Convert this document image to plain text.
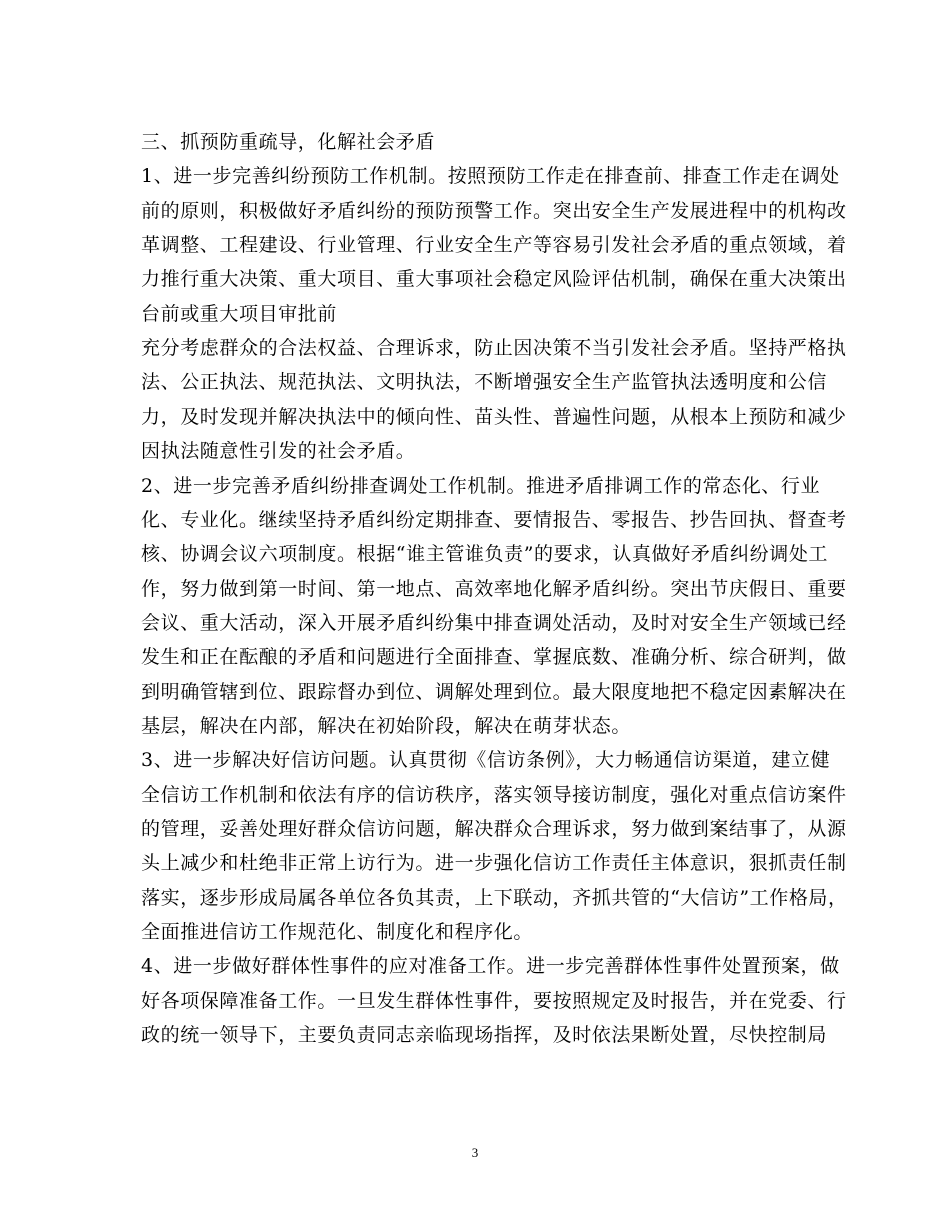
三、抓预防重疏导，化解社会矛盾
1、进一步完善纠纷预防工作机制。按照预防工作走在排查前、排查工作走在调处
前的原则，积极做好矛盾纠纷的预防预警工作。突出安全生产发展进程中的机构改
革调整、工程建设、行业管理、行业安全生产等容易引发社会矛盾的重点领域，着
力推行重大决策、重大项目、重大事项社会稳定风险评估机制，确保在重大决策出
台前或重大项目审批前
充分考虑群众的合法权益、合理诉求，防止因决策不当引发社会矛盾。坚持严格执
法、公正执法、规范执法、文明执法，不断增强安全生产监管执法透明度和公信
力，及时发现并解决执法中的倾向性、苗头性、普遍性问题，从根本上预防和减少
因执法随意性引发的社会矛盾。
2、进一步完善矛盾纠纷排查调处工作机制。推进矛盾排调工作的常态化、行业
化、专业化。继续坚持矛盾纠纷定期排查、要情报告、零报告、抄告回执、督查考
核、协调会议六项制度。根据“谁主管谁负责”的要求，认真做好矛盾纠纷调处工
作，努力做到第一时间、第一地点、高效率地化解矛盾纠纷。突出节庆假日、重要
会议、重大活动，深入开展矛盾纠纷集中排查调处活动，及时对安全生产领域已经
发生和正在酝酿的矛盾和问题进行全面排查、掌握底数、准确分析、综合研判，做
到明确管辖到位、跟踪督办到位、调解处理到位。最大限度地把不稳定因素解决在
基层，解决在内部，解决在初始阶段，解决在萌芽状态。
3、进一步解决好信访问题。认真贯彻《信访条例》，大力畅通信访渠道，建立健
全信访工作机制和依法有序的信访秩序，落实领导接访制度，强化对重点信访案件
的管理，妥善处理好群众信访问题，解决群众合理诉求，努力做到案结事了，从源
头上减少和杜绝非正常上访行为。进一步强化信访工作责任主体意识，狠抓责任制
落实，逐步形成局属各单位各负其责，上下联动，齐抓共管的“大信访”工作格局，
全面推进信访工作规范化、制度化和程序化。
4、进一步做好群体性事件的应对准备工作。进一步完善群体性事件处置预案，做
好各项保障准备工作。一旦发生群体性事件，要按照规定及时报告，并在党委、行
政的统一领导下，主要负责同志亲临现场指挥，及时依法果断处置，尽快控制局
3
